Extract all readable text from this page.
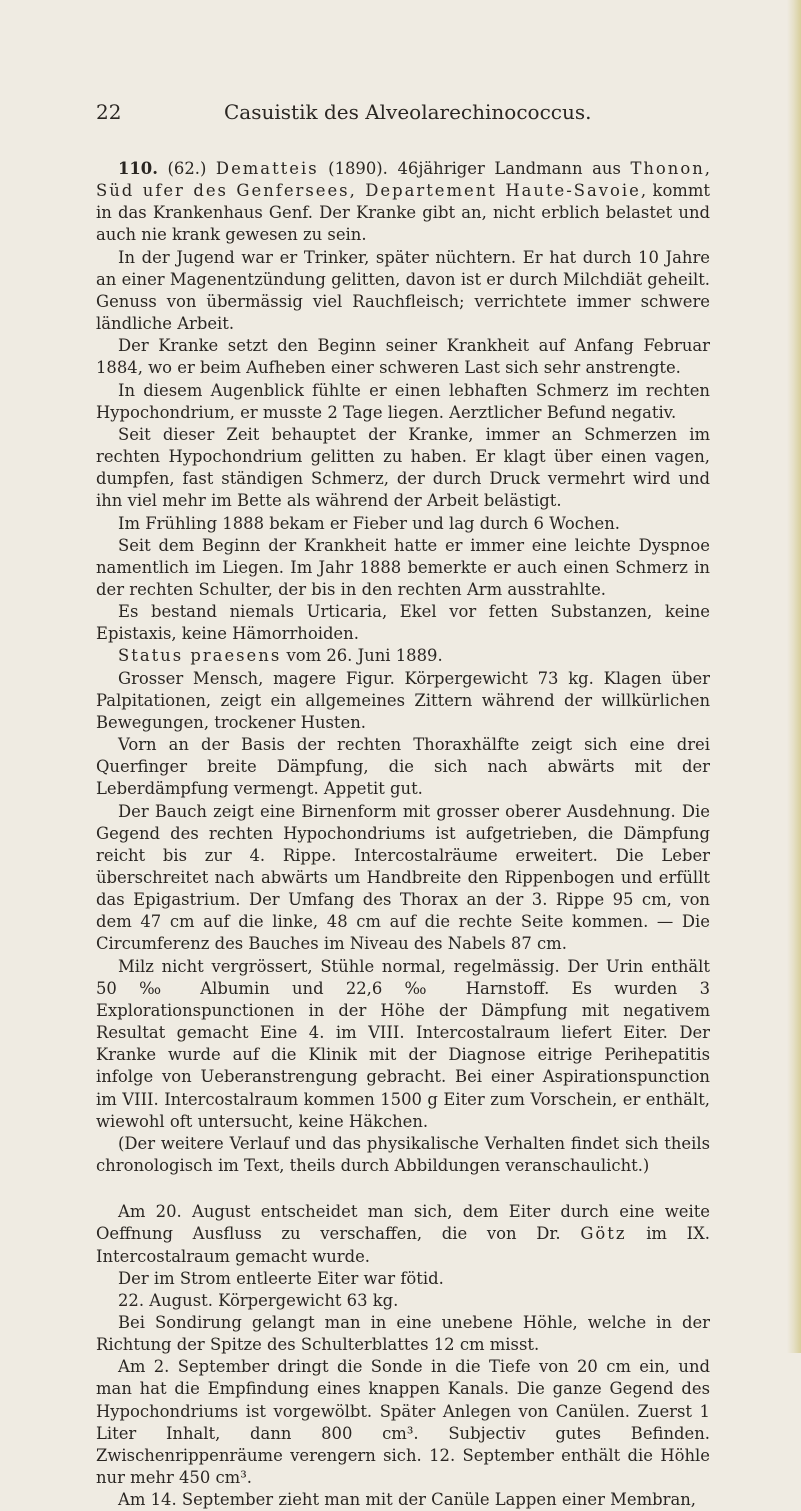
22	Casuistik des Alveolarechinococcus.

110. (62.) Dematteis (1890). 46jähriger Landmann aus Thonon, Süd ufer des Genfersees, Departement Haute-Savoie, kommt in das Krankenhaus Genf. Der Kranke gibt an, nicht erblich belastet und auch nie krank gewesen zu sein.

In der Jugend war er Trinker, später nüchtern. Er hat durch 10 Jahre an einer Magenentzündung gelitten, davon ist er durch Milchdiät geheilt. Genuss von übermässig viel Rauchfleisch; verrichtete immer schwere ländliche Arbeit.

Der Kranke setzt den Beginn seiner Krankheit auf Anfang Februar 1884, wo er beim Aufheben einer schweren Last sich sehr anstrengte.

In diesem Augenblick fühlte er einen lebhaften Schmerz im rechten Hypochondrium, er musste 2 Tage liegen. Aerztlicher Befund negativ.

Seit dieser Zeit behauptet der Kranke, immer an Schmerzen im rechten Hypochondrium gelitten zu haben. Er klagt über einen vagen, dumpfen, fast ständigen Schmerz, der durch Druck vermehrt wird und ihn viel mehr im Bette als während der Arbeit belästigt.

Im Frühling 1888 bekam er Fieber und lag durch 6 Wochen.

Seit dem Beginn der Krankheit hatte er immer eine leichte Dyspnoe namentlich im Liegen. Im Jahr 1888 bemerkte er auch einen Schmerz in der rechten Schulter, der bis in den rechten Arm ausstrahlte.

Es bestand niemals Urticaria, Ekel vor fetten Substanzen, keine Epistaxis, keine Hämorrhoiden.

Status praesens vom 26. Juni 1889.

Grosser Mensch, magere Figur. Körpergewicht 73 kg. Klagen über Palpitationen, zeigt ein allgemeines Zittern während der willkürlichen Bewegungen, trockener Husten.

Vorn an der Basis der rechten Thoraxhälfte zeigt sich eine drei Querfinger breite Dämpfung, die sich nach abwärts mit der Leberdämpfung vermengt. Appetit gut.

Der Bauch zeigt eine Birnenform mit grosser oberer Ausdehnung. Die Gegend des rechten Hypochondriums ist aufgetrieben, die Dämpfung reicht bis zur 4. Rippe. Intercostalräume erweitert. Die Leber überschreitet nach abwärts um Handbreite den Rippenbogen und erfüllt das Epigastrium. Der Umfang des Thorax an der 3. Rippe 95 cm, von dem 47 cm auf die linke, 48 cm auf die rechte Seite kommen. — Die Circumferenz des Bauches im Niveau des Nabels 87 cm.

Milz nicht vergrössert, Stühle normal, regelmässig. Der Urin enthält 50 ‰ Albumin und 22,6 ‰ Harnstoff. Es wurden 3 Explorationspunctionen in der Höhe der Dämpfung mit negativem Resultat gemacht Eine 4. im VIII. Intercostalraum liefert Eiter. Der Kranke wurde auf die Klinik mit der Diagnose eitrige Perihepatitis infolge von Ueberanstrengung gebracht. Bei einer Aspirationspunction im VIII. Intercostalraum kommen 1500 g Eiter zum Vorschein, er enthält, wiewohl oft untersucht, keine Häkchen.

(Der weitere Verlauf und das physikalische Verhalten findet sich theils chronologisch im Text, theils durch Abbildungen veranschaulicht.)

Am 20. August entscheidet man sich, dem Eiter durch eine weite Oeffnung Ausfluss zu verschaffen, die von Dr. Götz im IX. Intercostalraum gemacht wurde.

Der im Strom entleerte Eiter war fötid.

22. August. Körpergewicht 63 kg.

Bei Sondirung gelangt man in eine unebene Höhle, welche in der Richtung der Spitze des Schulterblattes 12 cm misst.

Am 2. September dringt die Sonde in die Tiefe von 20 cm ein, und man hat die Empfindung eines knappen Kanals. Die ganze Gegend des Hypochondriums ist vorgewölbt. Später Anlegen von Canülen. Zuerst 1 Liter Inhalt, dann 800 cm³. Subjectiv gutes Befinden. Zwischenrippenräume verengern sich. 12. September enthält die Höhle nur mehr 450 cm³.

Am 14. September zieht man mit der Canüle Lappen einer Membran,
